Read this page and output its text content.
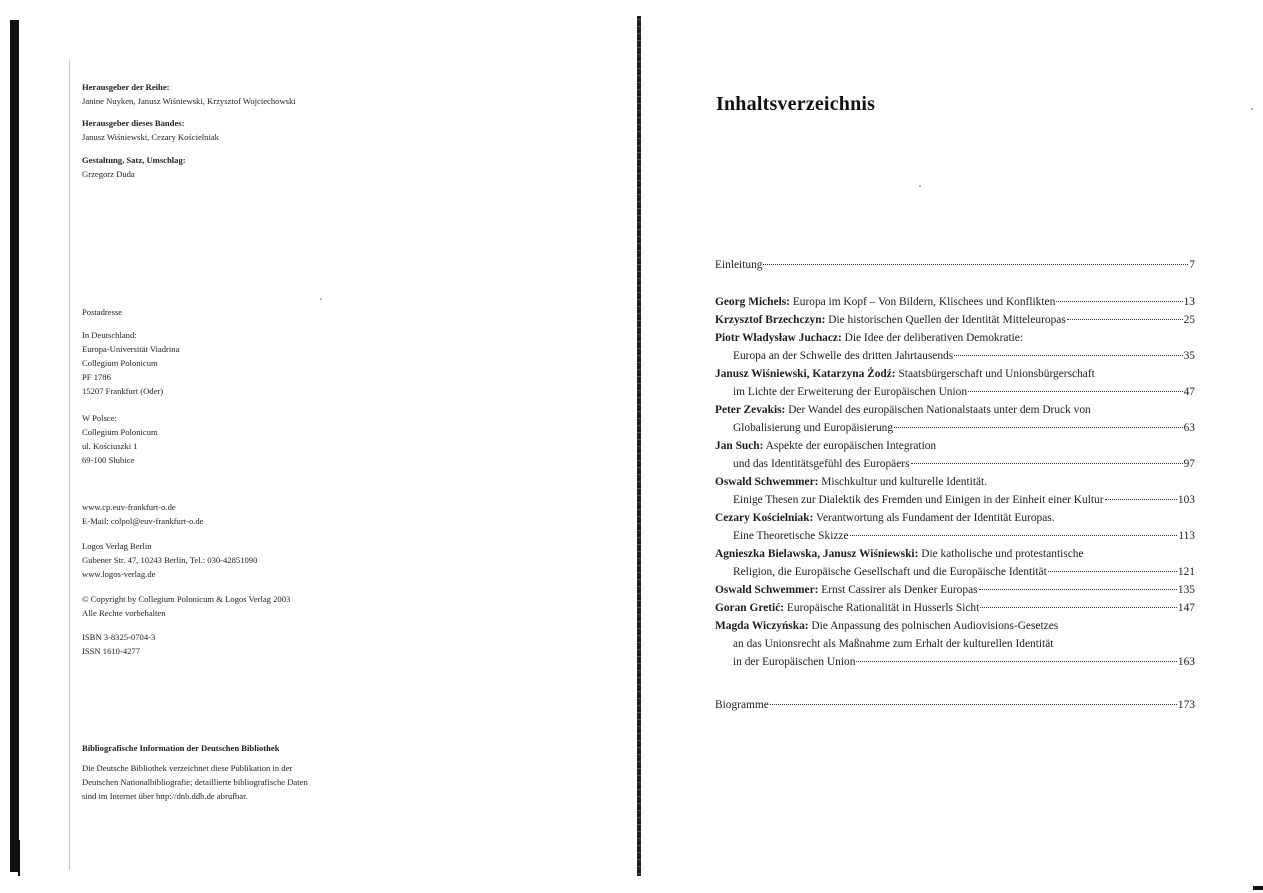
Herausgeber der Reihe:

Janine Nuyken, Janusz Wiśniewski, Krzysztof Wojciechowski

Herausgeber dieses Bandes:

Janusz Wiśniewski, Cezary Kościelniak

Gestaltung, Satz, Umschlag:

Grzegorz Duda

Postadresse

In Deutschland:

Europa-Universität Viadrina

Collegium Polonicum

PF 1786

15207 Frankfurt (Oder)

W Polsce:

Collegium Polonicum

ul. Kościuszki 1

69-100 Słubice

www.cp.euv-frankfurt-o.de

E-Mail: colpol@euv-frankfurt-o.de

Logos Verlag Berlin

Gubener Str. 47, 10243 Berlin, Tel.: 030-42851090

www.logos-verlag.de

© Copyright by Collegium Polonicum & Logos Verlag 2003

Alle Rechte vorbehalten

ISBN 3-8325-0704-3

ISSN 1610-4277

Bibliografische Information der Deutschen Bibliothek

Die Deutsche Bibliothek verzeichnet diese Publikation in der

Deutschen Nationalbibliografie; detaillierte bibliografische Daten

sind im Internet über http://dnb.ddb.de abrufbar.

Inhaltsverzeichnis
Einleitung	7
Georg Michels: Europa im Kopf – Von Bildern, Klischees und Konflikten	13
Krzysztof Brzechczyn: Die historischen Quellen der Identität Mitteleuropas	25
Piotr Władysław Juchacz: Die Idee der deliberativen Demokratie:
Europa an der Schwelle des dritten Jahrtausends	35
Janusz Wiśniewski, Katarzyna Żodź: Staatsbürgerschaft und Unionsbürgerschaft
im Lichte der Erweiterung der Europäischen Union	47
Peter Zevakis: Der Wandel des europäischen Nationalstaats unter dem Druck von
Globalisierung und Europäisierung	63
Jan Such: Aspekte der europäischen Integration
und das Identitätsgefühl des Europäers	97
Oswald Schwemmer: Mischkultur und kulturelle Identität.
Einige Thesen zur Dialektik des Fremden und Einigen in der Einheit einer Kultur	103
Cezary Kościelniak: Verantwortung als Fundament der Identität Europas.
Eine Theoretische Skizze	113
Agnieszka Bielawska, Janusz Wiśniewski: Die katholische und protestantische
Religion, die Europäische Gesellschaft und die Europäische Identität	121
Oswald Schwemmer: Ernst Cassirer als Denker Europas	135
Goran Gretić: Europäische Rationalität in Husserls Sicht	147
Magda Wiczyńska: Die Anpassung des polnischen Audiovisions-Gesetzes
an das Unionsrecht als Maßnahme zum Erhalt der kulturellen Identität
in der Europäischen Union	163
Biogramme	173
